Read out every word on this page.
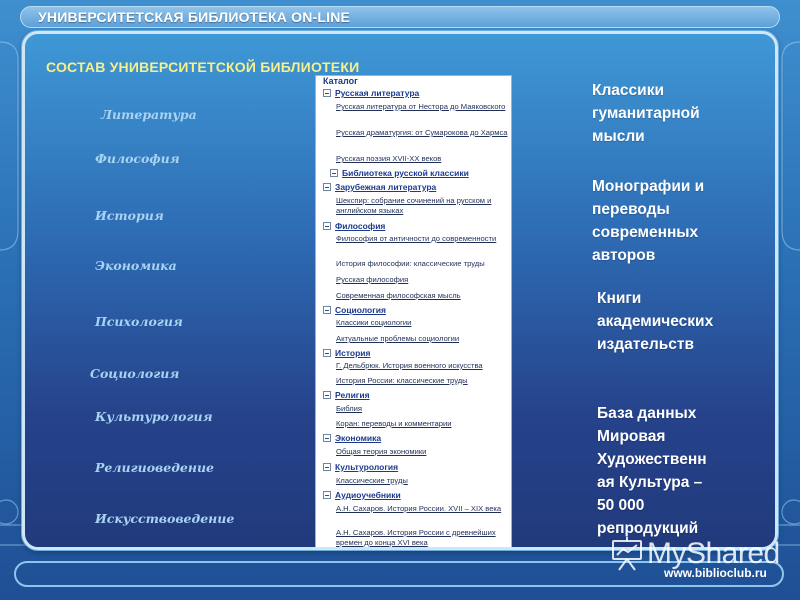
УНИВЕРСИТЕТСКАЯ БИБЛИОТЕКА ON-LINE
СОСТАВ УНИВЕРСИТЕТСКОЙ БИБЛИОТЕКИ
Литература
Философия
История
Экономика
Психология
Социология
Культурология
Религиоведение
Искусствоведение
Каталог
Русская литература
Русская литература от Нестора до Маяковского
Русская драматургия: от Сумарокова до Хармса
Русская поэзия XVII-XX веков
Библиотека русской классики
Зарубежная литература
Шекспир: собрание сочинений на русском и английском языках
Философия
Философия от античности до современности
История философии: классические труды
Русская философия
Современная философская мысль
Социология
Классики социологии
Актуальные проблемы социологии
История
Г. Дельбрюк. История военного искусства
История России: классические труды
Религия
Библия
Коран: переводы и комментарии
Экономика
Общая теория экономики
Культурология
Классические труды
Аудиоучебники
А.Н. Сахаров. История России. XVII – XIX века
А.Н. Сахаров. История России с древнейших времен до конца XVI века
Классики
гуманитарной
мысли
Монографии и
переводы
современных
авторов
Книги
академических
издательств
База данных
Мировая
Художественн
ая Культура –
50 000
репродукций
MyShared
www.biblioclub.ru
